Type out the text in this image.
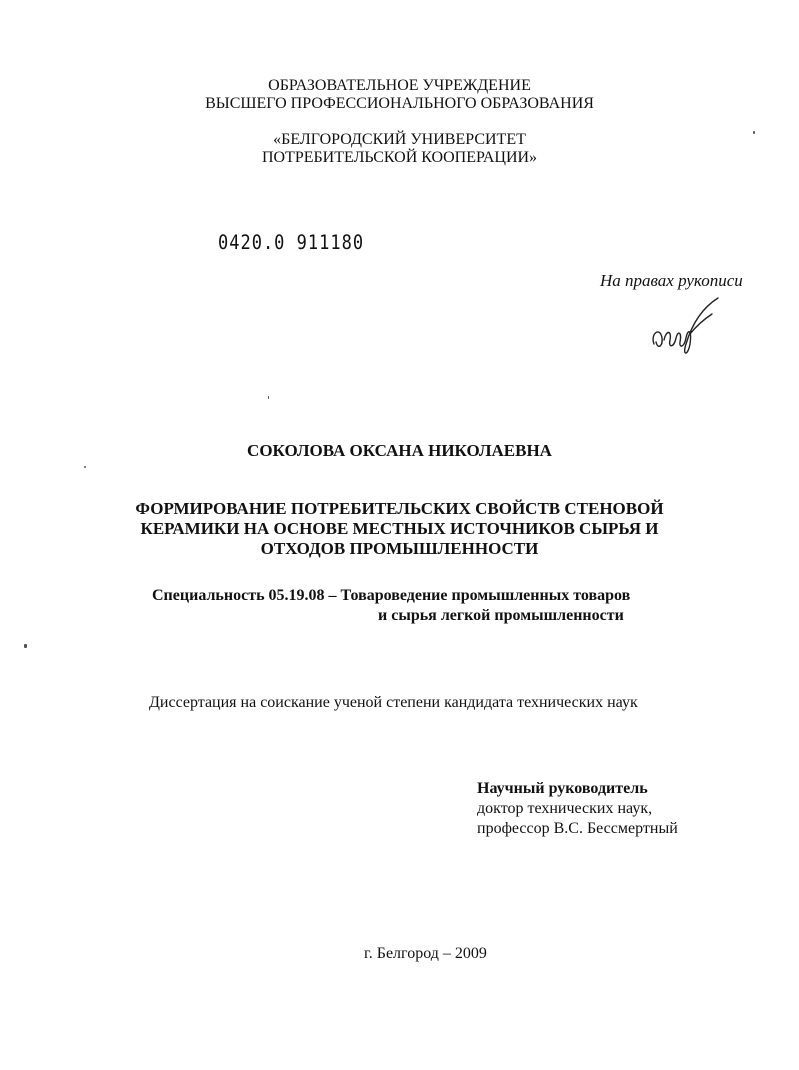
ОБРАЗОВАТЕЛЬНОЕ УЧРЕЖДЕНИЕ
ВЫСШЕГО ПРОФЕССИОНАЛЬНОГО ОБРАЗОВАНИЯ
«БЕЛГОРОДСКИЙ УНИВЕРСИТЕТ
ПОТРЕБИТЕЛЬСКОЙ КООПЕРАЦИИ»
0420.0 911180
На правах рукописи
СОКОЛОВА ОКСАНА НИКОЛАЕВНА
ФОРМИРОВАНИЕ ПОТРЕБИТЕЛЬСКИХ СВОЙСТВ СТЕНОВОЙ
КЕРАМИКИ НА ОСНОВЕ МЕСТНЫХ ИСТОЧНИКОВ СЫРЬЯ И
ОТХОДОВ ПРОМЫШЛЕННОСТИ
Специальность 05.19.08 – Товароведение промышленных товаров
и сырья легкой промышленности
Диссертация на соискание ученой степени кандидата технических наук
Научный руководитель
доктор технических наук,
профессор В.С. Бессмертный
г. Белгород – 2009
